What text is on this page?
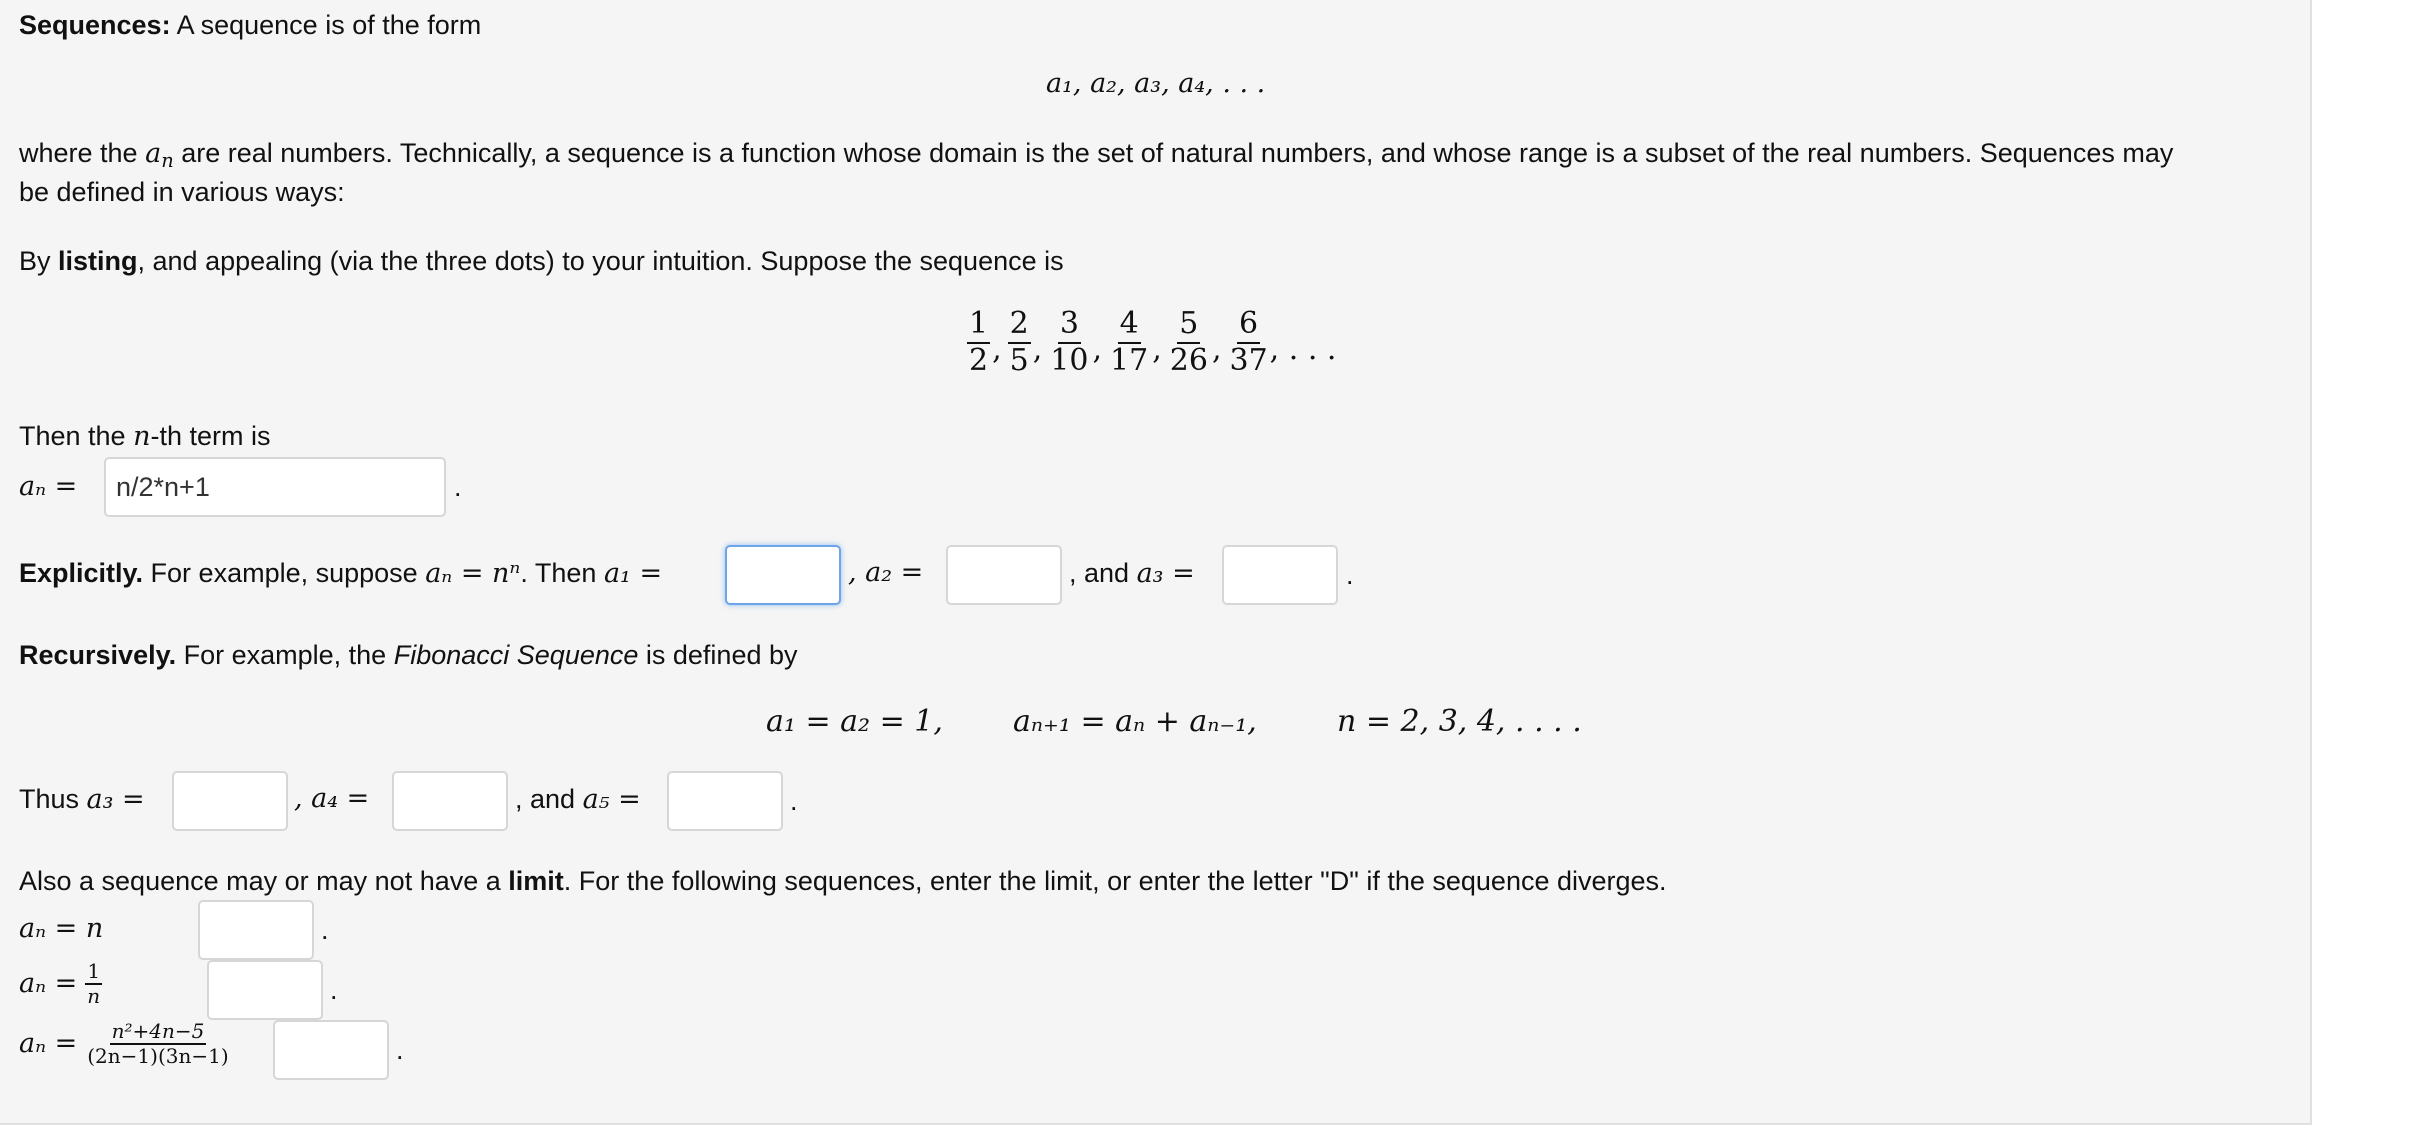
Sequences: A sequence is of the form
a₁, a₂, a₃, a₄, . . .
where the $a_n$ are real numbers. Technically, a sequence is a function whose domain is the set of natural numbers, and whose range is a subset of the real numbers. Sequences may
be defined in various ways:
By listing, and appealing (via the three dots) to your intuition. Suppose the sequence is
$\frac{1}{2}$ , $\frac{2}{5}$ , $\frac{3}{10}$ , $\frac{4}{17}$ , $\frac{5}{26}$ , $\frac{6}{37}$ , . . .
Then the n-th term is
aₙ =
n/2*n+1	.
Explicitly. For example, suppose aₙ = nⁿ. Then a₁ =	, a₂ =	, and a₃ =	.
Recursively. For example, the Fibonacci Sequence is defined by
a₁ = a₂ = 1, aₙ₊₁ = aₙ + aₙ₋₁,	n = 2, 3, 4, . . . .
Thus a₃ =	, a₄ =	, and a₅ =	.
Also a sequence may or may not have a limit. For the following sequences, enter the limit, or enter the letter "D" if the sequence diverges.
aₙ = n	.
$a_n = \frac{1}{n}$	.
$a_n = \frac{\text{n²+4n−5}}{(2n-1)(3n-1)}$	.
